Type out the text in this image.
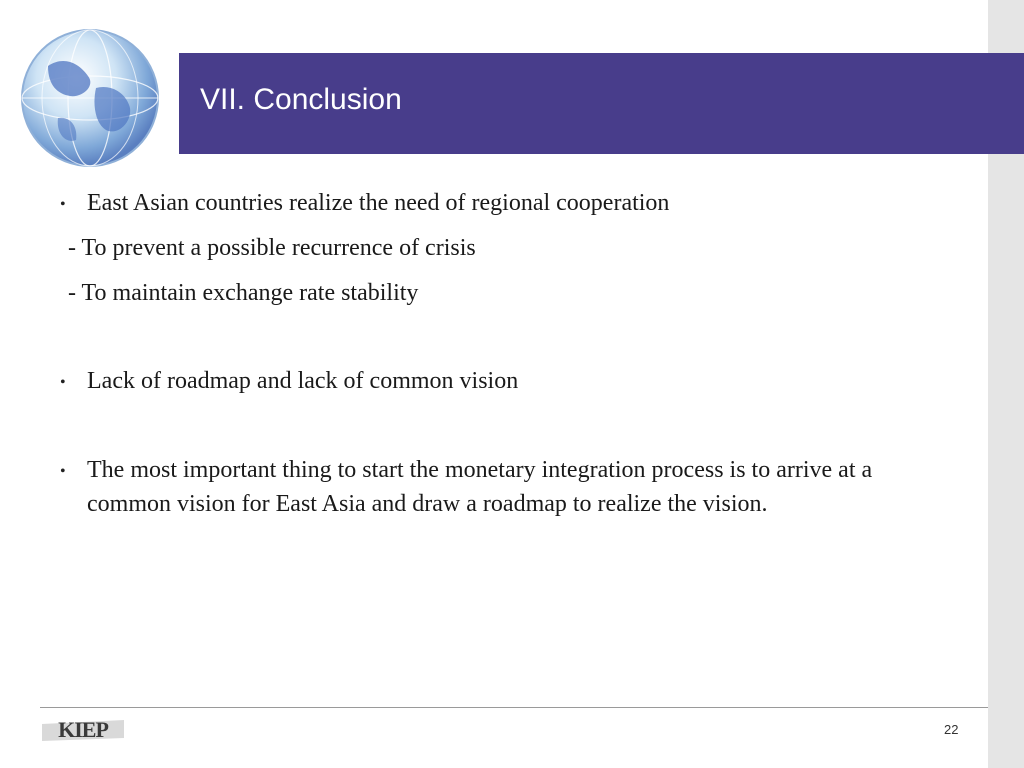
VII. Conclusion
• East Asian countries realize the need of regional cooperation
- To prevent a possible recurrence of crisis
- To maintain exchange rate stability
• Lack of roadmap and lack of common vision
• The most important thing to start the monetary integration process is to arrive at a common vision for East Asia and draw a roadmap to realize the vision.
KIEP	22
